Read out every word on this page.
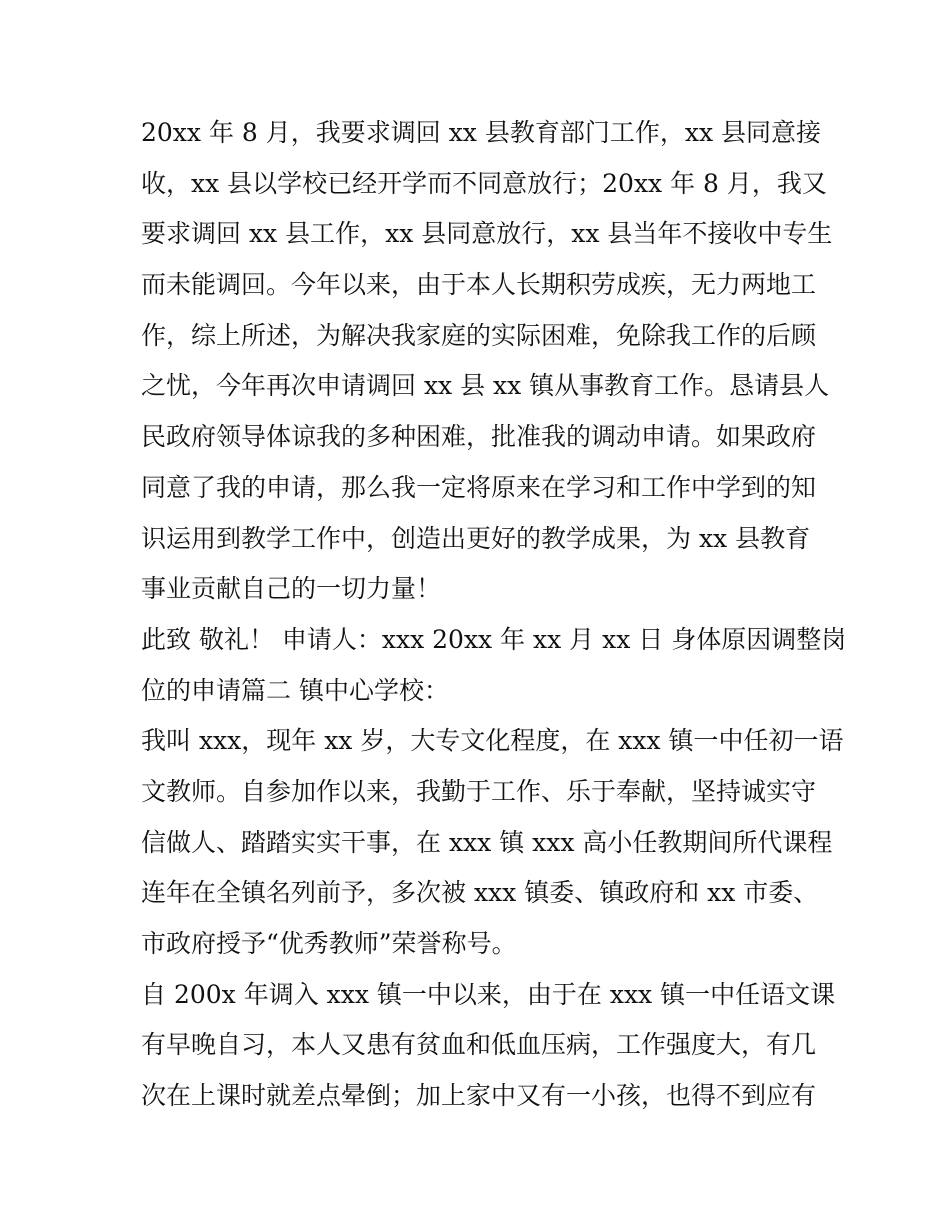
20xx 年 8 月，我要求调回 xx 县教育部门工作，xx 县同意接
收，xx 县以学校已经开学而不同意放行；20xx 年 8 月，我又
要求调回 xx 县工作，xx 县同意放行，xx 县当年不接收中专生
而未能调回。今年以来，由于本人长期积劳成疾，无力两地工
作，综上所述，为解决我家庭的实际困难，免除我工作的后顾
之忧，今年再次申请调回 xx 县 xx 镇从事教育工作。恳请县人
民政府领导体谅我的多种困难，批准我的调动申请。如果政府
同意了我的申请，那么我一定将原来在学习和工作中学到的知
识运用到教学工作中，创造出更好的教学成果，为 xx 县教育
事业贡献自己的一切力量！
此致 敬礼！ 申请人：xxx 20xx 年 xx 月 xx 日 身体原因调整岗
位的申请篇二 镇中心学校：
我叫 xxx，现年 xx 岁，大专文化程度，在 xxx 镇一中任初一语
文教师。自参加作以来，我勤于工作、乐于奉献，坚持诚实守
信做人、踏踏实实干事，在 xxx 镇 xxx 高小任教期间所代课程
连年在全镇名列前予，多次被 xxx 镇委、镇政府和 xx 市委、
市政府授予“优秀教师”荣誉称号。
自 200x 年调入 xxx 镇一中以来，由于在 xxx 镇一中任语文课
有早晚自习，本人又患有贫血和低血压病，工作强度大，有几
次在上课时就差点晕倒；加上家中又有一小孩，也得不到应有
